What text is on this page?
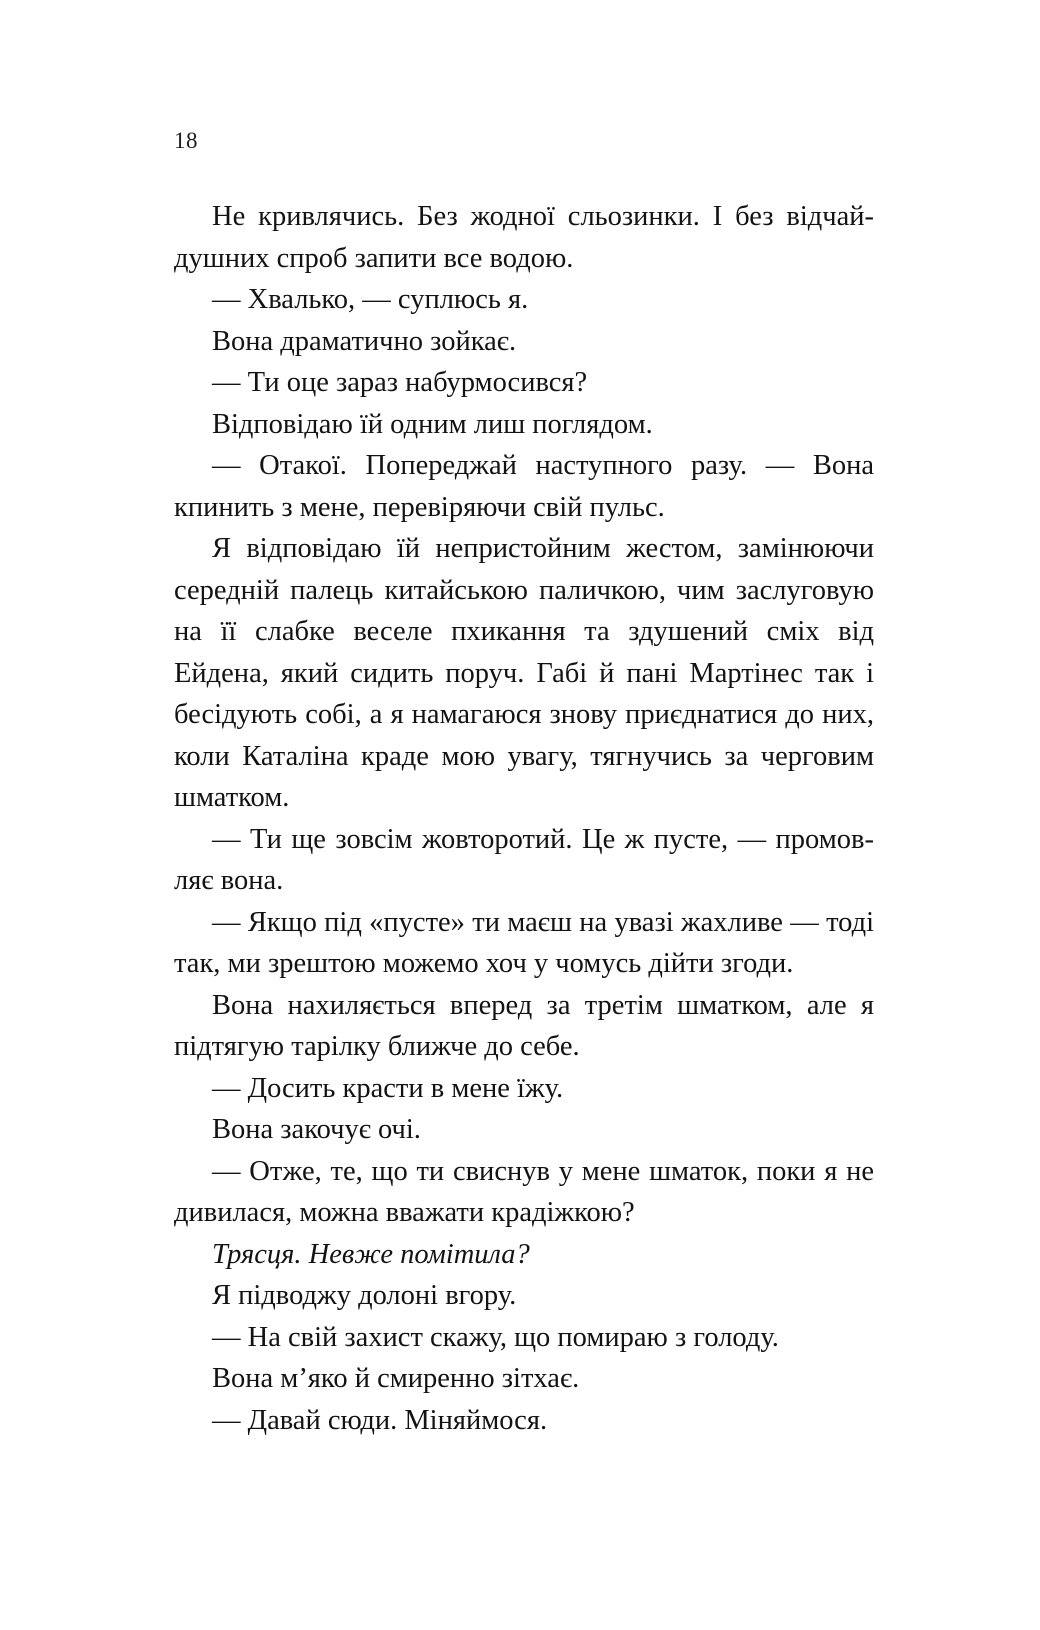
18

Не кривлячись. Без жодної сльозинки. І без відчайдушних спроб запити все водою.

— Хвалько, — суплюсь я.

Вона драматично зойкає.

— Ти оце зараз набурмосився?

Відповідаю їй одним лиш поглядом.

— Отакої. Попереджай наступного разу. — Вона кпинить з мене, перевіряючи свій пульс.

Я відповідаю їй непристойним жестом, замінюючи середній палець китайською паличкою, чим заслуговую на її слабке веселе пхикання та здушений сміх від Ейдена, який сидить поруч. Габі й пані Мартінес так і бесідують собі, а я намагаюся знову приєднатися до них, коли Каталіна краде мою увагу, тягнучись за черговим шматком.

— Ти ще зовсім жовторотий. Це ж пусте, — промовляє вона.

— Якщо під «пусте» ти маєш на увазі жахливе — тоді так, ми зрештою можемо хоч у чомусь дійти згоди.

Вона нахиляється вперед за третім шматком, але я підтягую тарілку ближче до себе.

— Досить красти в мене їжу.

Вона закочує очі.

— Отже, те, що ти свиснув у мене шматок, поки я не дивилася, можна вважати крадіжкою?

Трясця. Невже помітила?

Я підводжу долоні вгору.

— На свій захист скажу, що помираю з голоду.

Вона м’яко й смиренно зітхає.

— Давай сюди. Міняймося.
